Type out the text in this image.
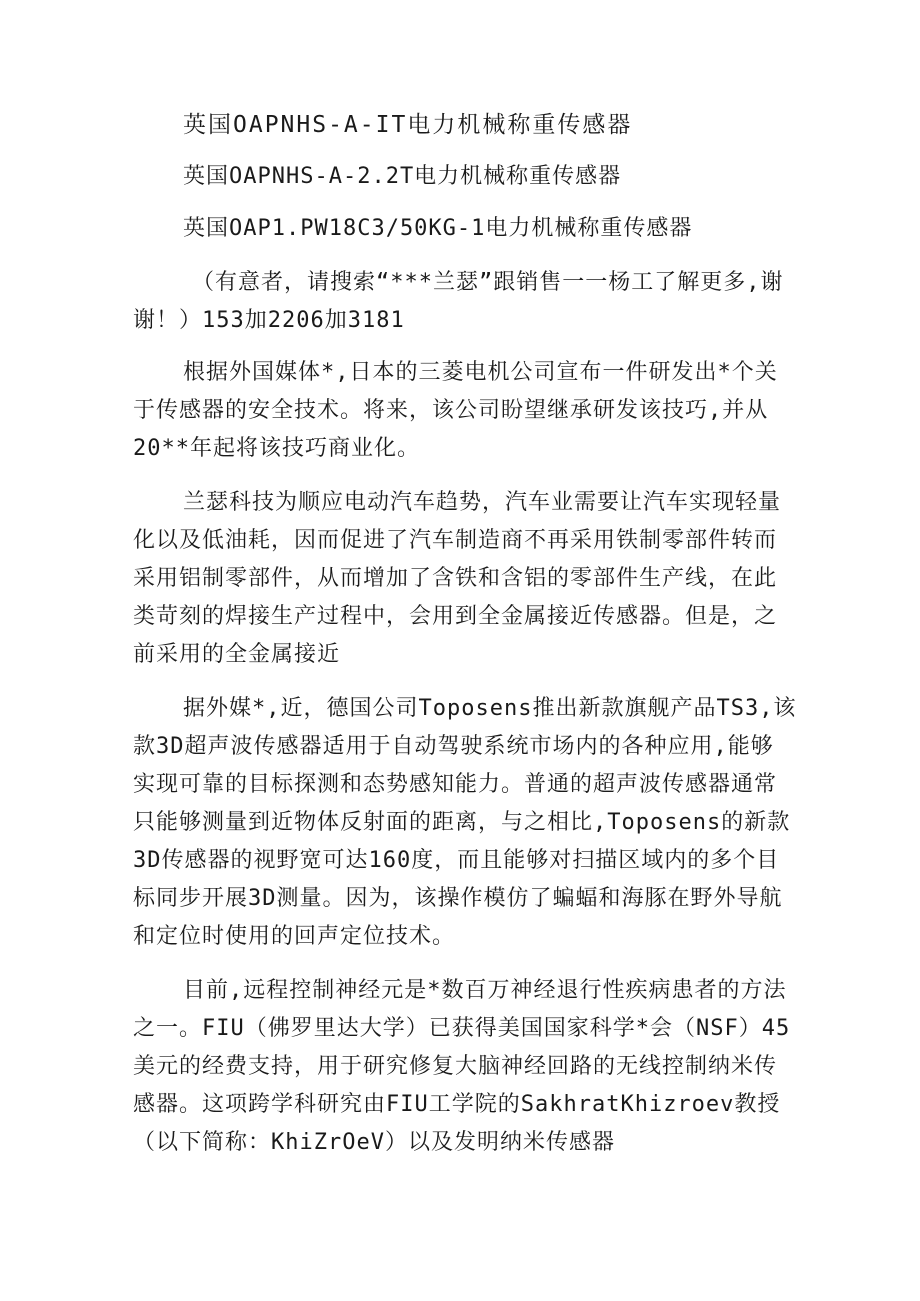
英国OAPNHS-A-IT电力机械称重传感器
英国OAPNHS-A-2.2T电力机械称重传感器
英国OAP1.PW18C3/50KG-1电力机械称重传感器
（有意者，请搜索“***兰瑟”跟销售一一杨工了解更多,谢
谢！）153加2206加3181
根据外国媒体*,日本的三菱电机公司宣布一件研发出*个关
于传感器的安全技术。将来，该公司盼望继承研发该技巧,并从
20**年起将该技巧商业化。
兰瑟科技为顺应电动汽车趋势，汽车业需要让汽车实现轻量
化以及低油耗，因而促进了汽车制造商不再采用铁制零部件转而
采用铝制零部件，从而增加了含铁和含铝的零部件生产线，在此
类苛刻的焊接生产过程中，会用到全金属接近传感器。但是，之
前采用的全金属接近
据外媒*,近，德国公司Toposens推出新款旗舰产品TS3,该
款3D超声波传感器适用于自动驾驶系统市场内的各种应用,能够
实现可靠的目标探测和态势感知能力。普通的超声波传感器通常
只能够测量到近物体反射面的距离，与之相比,Toposens的新款
3D传感器的视野宽可达160度，而且能够对扫描区域内的多个目
标同步开展3D测量。因为，该操作模仿了蝙蝠和海豚在野外导航
和定位时使用的回声定位技术。
目前,远程控制神经元是*数百万神经退行性疾病患者的方法
之一。FIU（佛罗里达大学）已获得美国国家科学*会（NSF）45
美元的经费支持，用于研究修复大脑神经回路的无线控制纳米传
感器。这项跨学科研究由FIU工学院的SakhratKhizroev教授
（以下简称：KhiZrOeV）以及发明纳米传感器
